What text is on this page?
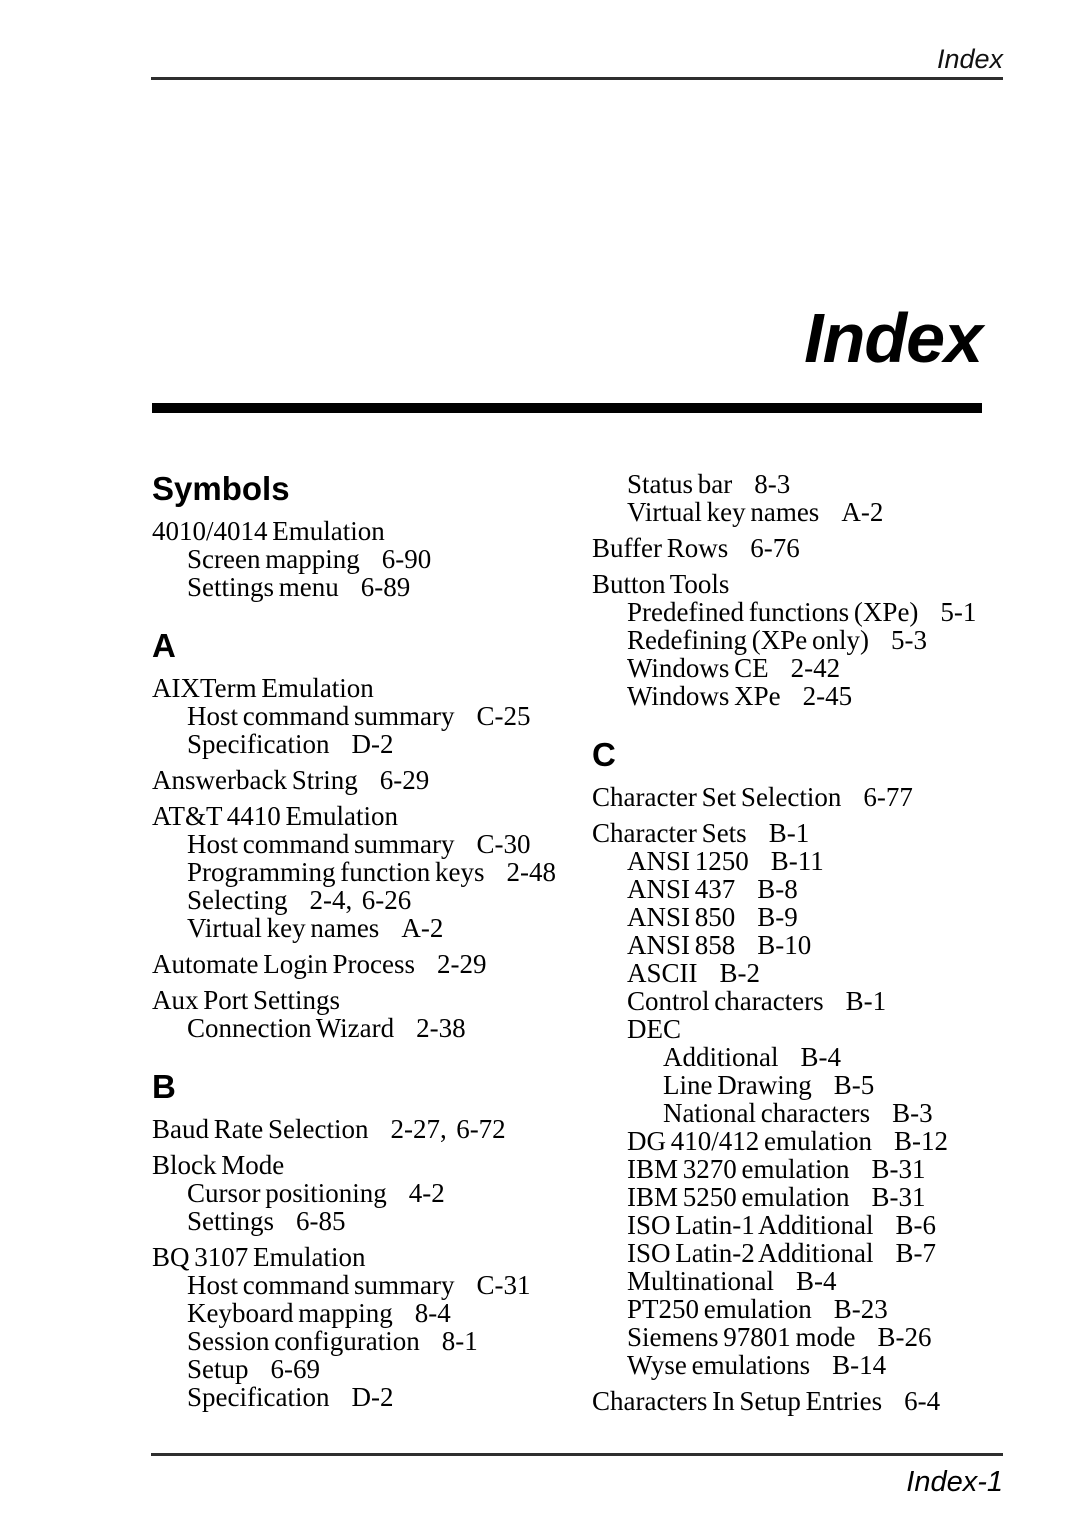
Index
Index
Symbols
4010/4014 Emulation
Screen mapping 6-90
Settings menu 6-89
A
AIXTerm Emulation
Host command summary C-25
Specification D-2
Answerback String 6-29
AT&T 4410 Emulation
Host command summary C-30
Programming function keys 2-48
Selecting 2-4,  6-26
Virtual key names A-2
Automate Login Process 2-29
Aux Port Settings
Connection Wizard 2-38
B
Baud Rate Selection 2-27,  6-72
Block Mode
Cursor positioning 4-2
Settings 6-85
BQ 3107 Emulation
Host command summary C-31
Keyboard mapping 8-4
Session configuration 8-1
Setup 6-69
Specification D-2
Status bar 8-3
Virtual key names A-2
Buffer Rows 6-76
Button Tools
Predefined functions (XPe) 5-1
Redefining (XPe only) 5-3
Windows CE 2-42
Windows XPe 2-45
C
Character Set Selection 6-77
Character Sets B-1
ANSI 1250 B-11
ANSI 437 B-8
ANSI 850 B-9
ANSI 858 B-10
ASCII B-2
Control characters B-1
DEC
Additional B-4
Line Drawing B-5
National characters B-3
DG 410/412 emulation B-12
IBM 3270 emulation B-31
IBM 5250 emulation B-31
ISO Latin-1 Additional B-6
ISO Latin-2 Additional B-7
Multinational B-4
PT250 emulation B-23
Siemens 97801 mode B-26
Wyse emulations B-14
Characters In Setup Entries 6-4
Index-1
